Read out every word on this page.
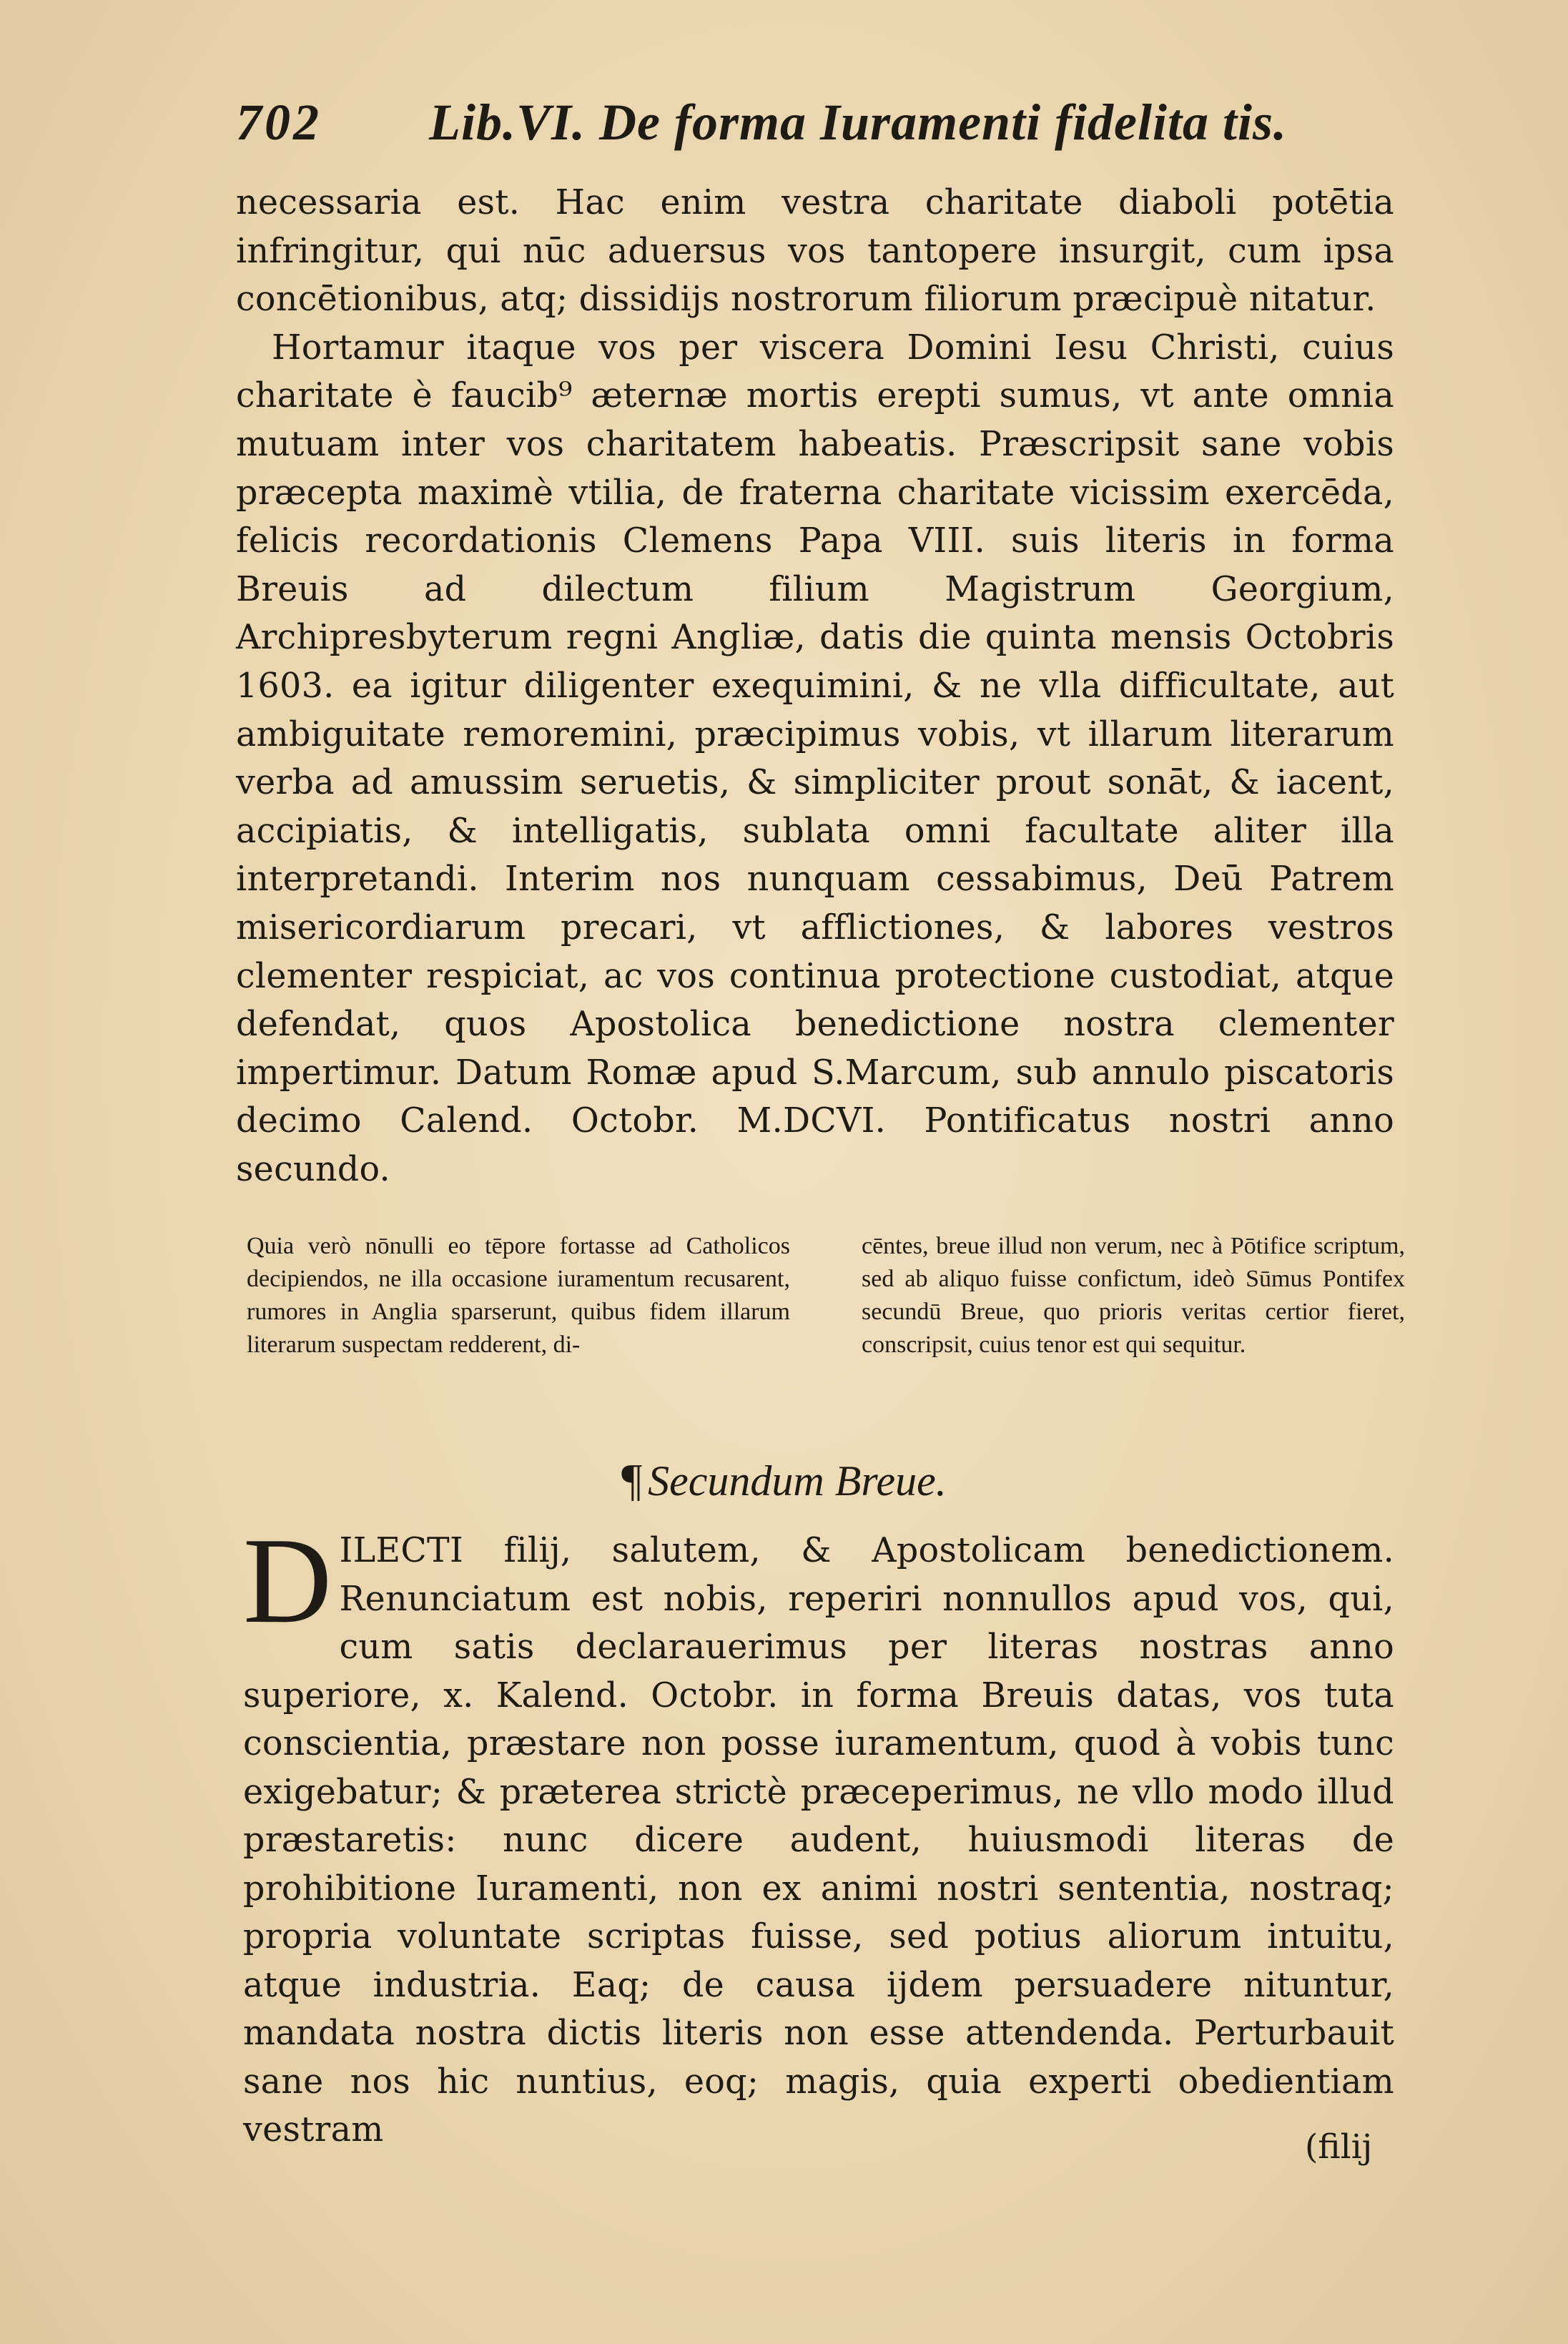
702 Lib.VI. De forma Iuramenti fidelita tis.

necessaria est. Hac enim vestra charitate diaboli potētia infringitur, qui nūc aduersus vos tantopere insurgit, cum ipsa concētionibus, atq; dissidijs nostrorum filiorum præcipuè nitatur.

Hortamur itaque vos per viscera Domini Iesu Christi, cuius charitate è faucib⁹ æternæ mortis erepti sumus, vt ante omnia mutuam inter vos charitatem habeatis. Præscripsit sane vobis præcepta maximè vtilia, de fraterna charitate vicissim exercēda, felicis recordationis Clemens Papa VIII. suis literis in forma Breuis ad dilectum filium Magistrum Georgium, Archipresbyterum regni Angliæ, datis die quinta mensis Octobris 1603. ea igitur diligenter exequimini, & ne vlla difficultate, aut ambiguitate remoremini, præcipimus vobis, vt illarum literarum verba ad amussim seruetis, & simpliciter prout sonāt, & iacent, accipiatis, & intelligatis, sublata omni facultate aliter illa interpretandi. Interim nos nunquam cessabimus, Deū Patrem misericordiarum precari, vt afflictiones, & labores vestros clementer respiciat, ac vos continua protectione custodiat, atque defendat, quos Apostolica benedictione nostra clementer impertimur. Datum Romæ apud S.Marcum, sub annulo piscatoris decimo Calend. Octobr. M.DCVI. Pontificatus nostri anno secundo.

Quia verò nōnulli eo tēpore fortasse ad Catholicos decipiendos, ne illa occasione iuramentum recusarent, rumores in Anglia sparserunt, quibus fidem illarum literarum suspectam redderent, di-
cēntes, breue illud non verum, nec à Pōtifice scriptum, sed ab aliquo fuisse confictum, ideò Sūmus Pontifex secundū Breue, quo prioris veritas certior fieret, conscripsit, cuius tenor est qui sequitur.
¶ Secundum Breue.

DILECTI filij, salutem, & Apostolicam benedictionem. Renunciatum est nobis, reperiri nonnullos apud vos, qui, cum satis declarauerimus per literas nostras anno superiore, x. Kalend. Octobr. in forma Breuis datas, vos tuta conscientia, præstare non posse iuramentum, quod à vobis tunc exigebatur; & præterea strictè præceperimus, ne vllo modo illud præstaretis: nunc dicere audent, huiusmodi literas de prohibitione Iuramenti, non ex animi nostri sententia, nostraq; propria voluntate scriptas fuisse, sed potius aliorum intuitu, atque industria. Eaq; de causa ijdem persuadere nituntur, mandata nostra dictis literis non esse attendenda. Perturbauit sane nos hic nuntius, eoq; magis, quia experti obedientiam vestram	(filij
